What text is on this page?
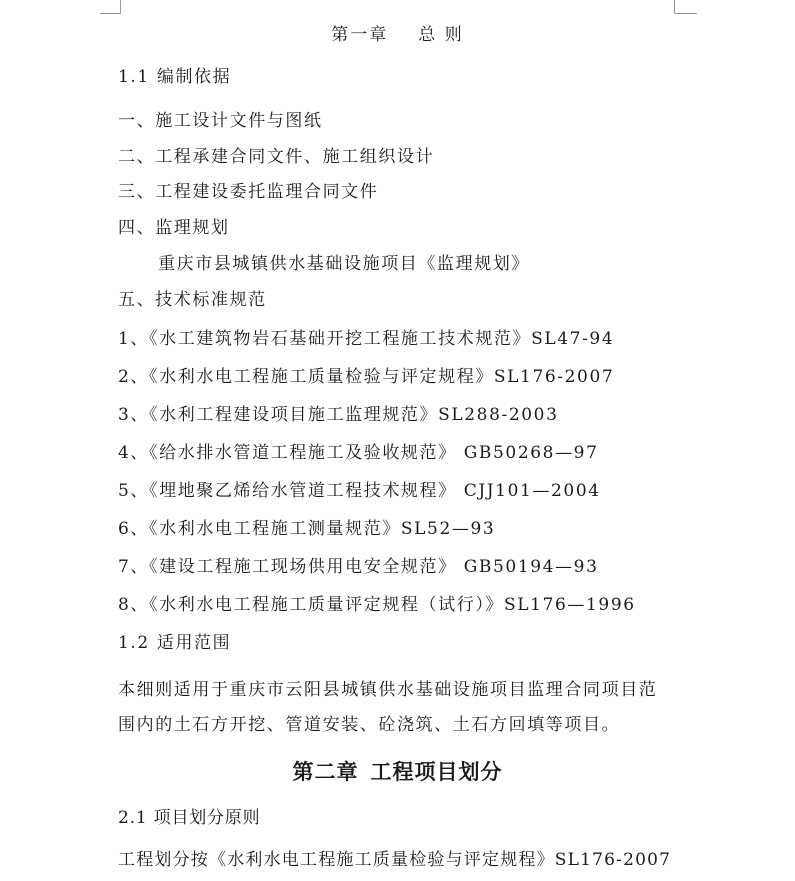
第一章 总 则
1.1 编制依据
一、施工设计文件与图纸
二、工程承建合同文件、施工组织设计
三、工程建设委托监理合同文件
四、监理规划
重庆市县城镇供水基础设施项目《监理规划》
五、技术标准规范
1、《水工建筑物岩石基础开挖工程施工技术规范》SL47-94
2、《水利水电工程施工质量检验与评定规程》SL176-2007
3、《水利工程建设项目施工监理规范》SL288-2003
4、《给水排水管道工程施工及验收规范》 GB50268—97
5、《埋地聚乙烯给水管道工程技术规程》 CJJ101—2004
6、《水利水电工程施工测量规范》SL52—93
7、《建设工程施工现场供用电安全规范》 GB50194—93
8、《水利水电工程施工质量评定规程（试行）》SL176—1996
1.2 适用范围
本细则适用于重庆市云阳县城镇供水基础设施项目监理合同项目范
围内的土石方开挖、管道安装、砼浇筑、土石方回填等项目。
第二章 工程项目划分
2.1 项目划分原则
工程划分按《水利水电工程施工质量检验与评定规程》SL176-2007
